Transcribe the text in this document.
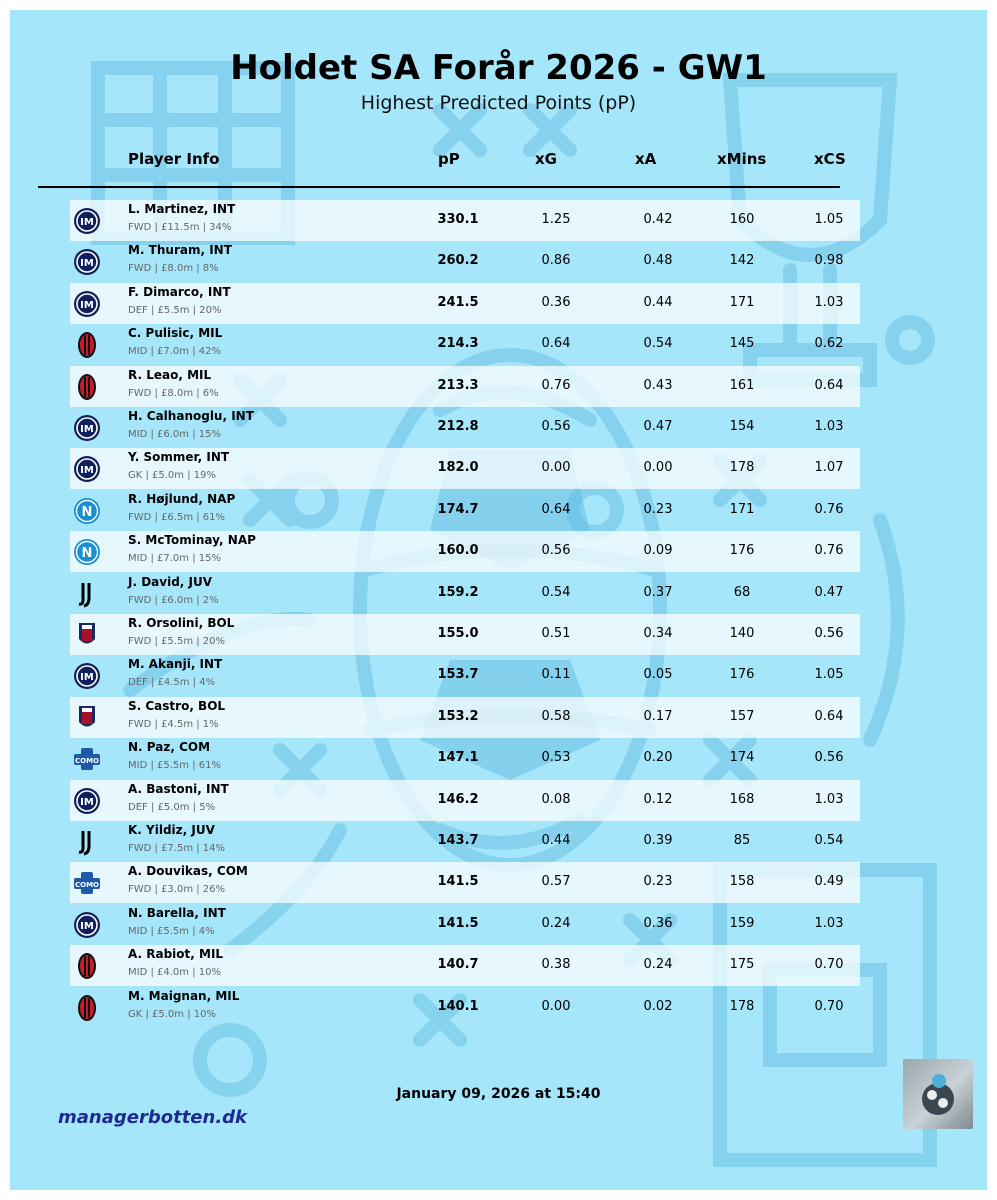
Holdet SA Forår 2026 - GW1
Highest Predicted Points (pP)
Player Info	pP	xG	xA	xMins	xCS
IM
L. Martinez, INT
FWD | £11.5m | 34%
330.1	1.25	0.42	160	1.05
IM
M. Thuram, INT
FWD | £8.0m | 8%
260.2	0.86	0.48	142	0.98
IM
F. Dimarco, INT
DEF | £5.5m | 20%
241.5	0.36	0.44	171	1.03
C. Pulisic, MIL
MID | £7.0m | 42%
214.3	0.64	0.54	145	0.62
R. Leao, MIL
FWD | £8.0m | 6%
213.3	0.76	0.43	161	0.64
IM
H. Calhanoglu, INT
MID | £6.0m | 15%
212.8	0.56	0.47	154	1.03
IM
Y. Sommer, INT
GK | £5.0m | 19%
182.0	0.00	0.00	178	1.07
N
R. Højlund, NAP
FWD | £6.5m | 61%
174.7	0.64	0.23	171	0.76
N
S. McTominay, NAP
MID | £7.0m | 15%
160.0	0.56	0.09	176	0.76
J. David, JUV
FWD | £6.0m | 2%
159.2	0.54	0.37	68	0.47
R. Orsolini, BOL
FWD | £5.5m | 20%
155.0	0.51	0.34	140	0.56
IM
M. Akanji, INT
DEF | £4.5m | 4%
153.7	0.11	0.05	176	1.05
S. Castro, BOL
FWD | £4.5m | 1%
153.2	0.58	0.17	157	0.64
COMO
N. Paz, COM
MID | £5.5m | 61%
147.1	0.53	0.20	174	0.56
IM
A. Bastoni, INT
DEF | £5.0m | 5%
146.2	0.08	0.12	168	1.03
K. Yildiz, JUV
FWD | £7.5m | 14%
143.7	0.44	0.39	85	0.54
COMO
A. Douvikas, COM
FWD | £3.0m | 26%
141.5	0.57	0.23	158	0.49
IM
N. Barella, INT
MID | £5.5m | 4%
141.5	0.24	0.36	159	1.03
A. Rabiot, MIL
MID | £4.0m | 10%
140.7	0.38	0.24	175	0.70
M. Maignan, MIL
GK | £5.0m | 10%
140.1	0.00	0.02	178	0.70
January 09, 2026 at 15:40
managerbotten.dk
